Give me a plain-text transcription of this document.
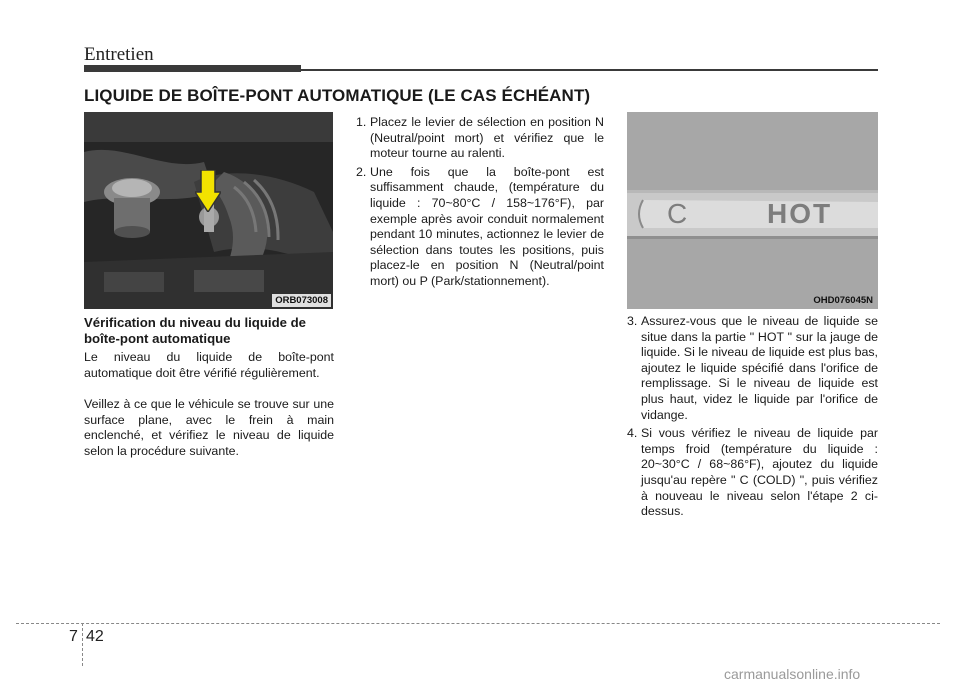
Entretien
LIQUIDE DE BOÎTE-PONT AUTOMATIQUE (LE CAS ÉCHÉANT)
ORB073008
C	HOT
OHD076045N
Vérification du niveau du liquide de boîte-pont automatique
Le niveau du liquide de boîte-pont automatique doit être vérifié régulièrement.
Veillez à ce que le véhicule se trouve sur une surface plane, avec le frein à main enclenché, et vérifiez le niveau de liquide selon la procédure suivante.
1. Placez le levier de sélection en position N (Neutral/point mort) et vérifiez que le moteur tourne au ralenti.
2. Une fois que la boîte-pont est suffisamment chaude, (température du liquide : 70~80°C / 158~176°F), par exemple après avoir conduit normalement pendant 10 minutes, actionnez le levier de sélection dans toutes les positions, puis placez-le en position N (Neutral/point mort) ou P (Park/stationnement).
3. Assurez-vous que le niveau de liquide se situe dans la partie " HOT " sur la jauge de liquide. Si le niveau de liquide est plus bas, ajoutez le liquide spécifié dans l'orifice de remplissage. Si le niveau de liquide est plus haut, videz le liquide par l'orifice de vidange.
4. Si vous vérifiez le niveau de liquide par temps froid (température du liquide : 20~30°C / 68~86°F), ajoutez du liquide jusqu'au repère " C (COLD) ", puis vérifiez à nouveau le niveau selon l'étape 2 ci-dessus.
7 42
carmanualsonline.info
